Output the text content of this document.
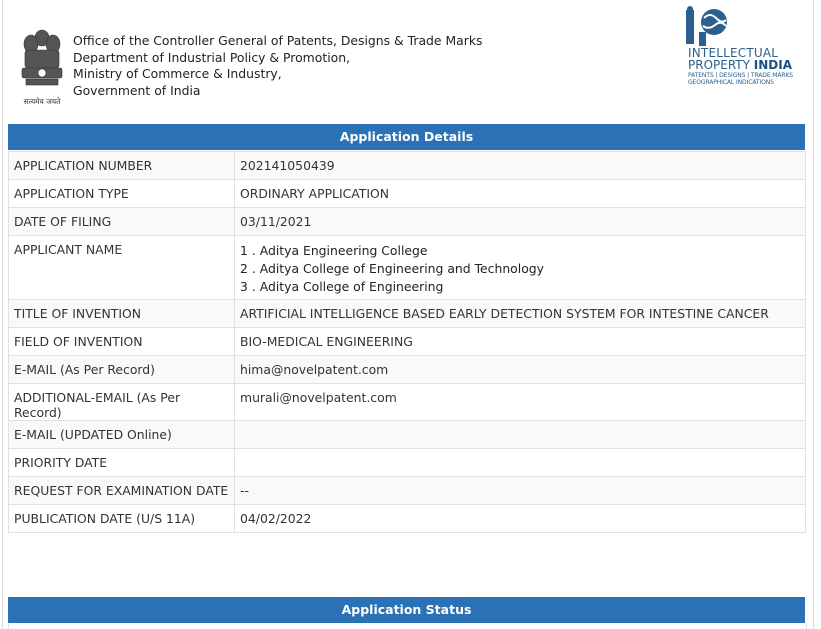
सत्यमेव जयते
Office of the Controller General of Patents, Designs & Trade Marks
Department of Industrial Policy & Promotion,
Ministry of Commerce & Industry,
Government of India
INTELLECTUAL
PROPERTY INDIA
PATENTS | DESIGNS | TRADE MARKS
GEOGRAPHICAL INDICATIONS
Application Details
APPLICATION NUMBER	202141050439

APPLICATION TYPE	ORDINARY APPLICATION

DATE OF FILING	03/11/2021

APPLICANT NAME	1 . Aditya Engineering College
2 . Aditya College of Engineering and Technology
3 . Aditya College of Engineering

TITLE OF INVENTION	ARTIFICIAL INTELLIGENCE BASED EARLY DETECTION SYSTEM FOR INTESTINE CANCER

FIELD OF INVENTION	BIO-MEDICAL ENGINEERING

E-MAIL (As Per Record)	hima@novelpatent.com

ADDITIONAL-EMAIL (As Per Record)	murali@novelpatent.com

E-MAIL (UPDATED Online)	

PRIORITY DATE	

REQUEST FOR EXAMINATION DATE	--

PUBLICATION DATE (U/S 11A)	04/02/2022
Application Status
